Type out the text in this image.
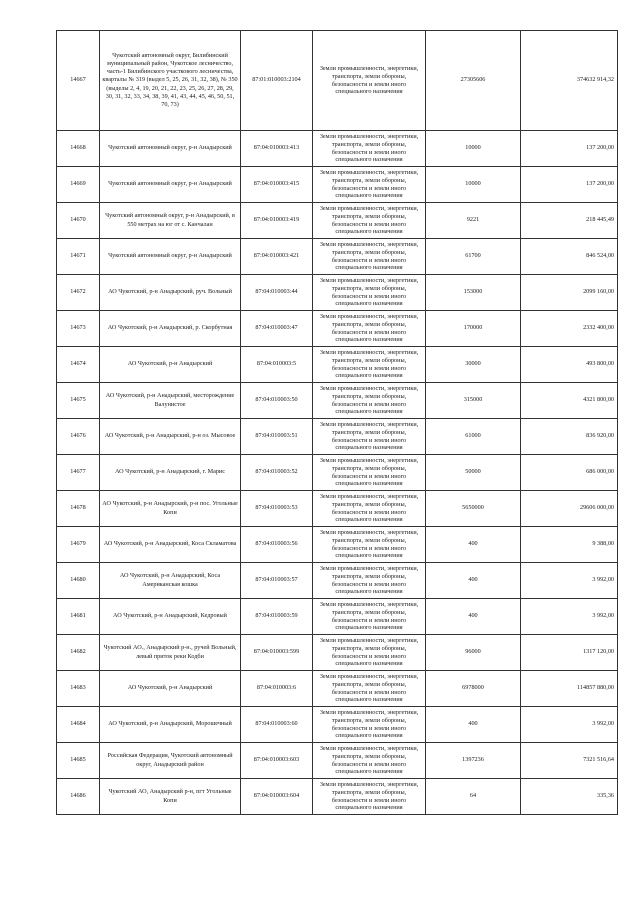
14667	Чукотский автономный округ, Билибинский муниципальный район, Чукотское лесничество, часть-1 Билибинского участкового лесничества, кварталы № 319 (выдел 5, 25, 26, 31, 32, 38), № 350 (выделы 2, 4, 19, 20, 21, 22, 23, 25, 26, 27, 28, 29, 30, 31, 32, 33, 34, 38, 39, 41, 43, 44, 45, 46, 50, 51, 70, 73)	87:01:010003:2104	Земли промышленности, энергетики, транспорта, земли обороны, безопасности и земли иного специального назначения	27305606	374632 914,32
14668	Чукотский автономный округ, р-н Анадырский	87:04:010003:413	Земли промышленности, энергетики, транспорта, земли обороны, безопасности и земли иного специального назначения	10000	137 200,00
14669	Чукотский автономный округ, р-н Анадырский	87:04:010003:415	Земли промышленности, энергетики, транспорта, земли обороны, безопасности и земли иного специального назначения	10000	137 200,00
14670	Чукотский автономный округ, р-н Анадырский, в 550 метрах на юг от с. Канчалан	87:04:010003:419	Земли промышленности, энергетики, транспорта, земли обороны, безопасности и земли иного специального назначения	9221	218 445,49
14671	Чукотский автономный округ, р-н Анадырский	87:04:010003:421	Земли промышленности, энергетики, транспорта, земли обороны, безопасности и земли иного специального назначения	61700	846 524,00
14672	АО Чукотский, р-н Анадырский, руч. Вольный	87:04:010003:44	Земли промышленности, энергетики, транспорта, земли обороны, безопасности и земли иного специального назначения	153000	2099 160,00
14673	АО Чукотский, р-н Анадырский, р. Скорбутная	87:04:010003:47	Земли промышленности, энергетики, транспорта, земли обороны, безопасности и земли иного специального назначения	170000	2332 400,00
14674	АО Чукотский, р-н Анадырский	87:04:010003:5	Земли промышленности, энергетики, транспорта, земли обороны, безопасности и земли иного специального назначения	30000	493 800,00
14675	АО Чукотский, р-н Анадырский, месторождение Валунистое	87:04:010003:50	Земли промышленности, энергетики, транспорта, земли обороны, безопасности и земли иного специального назначения	315000	4321 800,00
14676	АО Чукотский, р-н Анадырский, р-н оз. Мысовое	87:04:010003:51	Земли промышленности, энергетики, транспорта, земли обороны, безопасности и земли иного специального назначения	61000	836 920,00
14677	АО Чукотский, р-н Анадырский, г. Марис	87:04:010003:52	Земли промышленности, энергетики, транспорта, земли обороны, безопасности и земли иного специального назначения	50000	686 000,00
14678	АО Чукотский, р-н Анадырский, р-н пос. Угольные Копи	87:04:010003:53	Земли промышленности, энергетики, транспорта, земли обороны, безопасности и земли иного специального назначения	5650000	29606 000,00
14679	АО Чукотский, р-н Анадырский, Коса Скламатова	87:04:010003:56	Земли промышленности, энергетики, транспорта, земли обороны, безопасности и земли иного специального назначения	400	9 388,00
14680	АО Чукотский, р-н Анадырский, Коса Американская кошка	87:04:010003:57	Земли промышленности, энергетики, транспорта, земли обороны, безопасности и земли иного специального назначения	400	3 992,00
14681	АО Чукотский, р-н Анадырский, Кедровый	87:04:010003:59	Земли промышленности, энергетики, транспорта, земли обороны, безопасности и земли иного специального назначения	400	3 992,00
14682	Чукотский АО., Анадырский р-н., ручей Вольный, левый приток реки Кодби	87:04:010003:599	Земли промышленности, энергетики, транспорта, земли обороны, безопасности и земли иного специального назначения	96000	1317 120,00
14683	АО Чукотский, р-н Анадырский	87:04:010003:6	Земли промышленности, энергетики, транспорта, земли обороны, безопасности и земли иного специального назначения	6978000	114857 880,00
14684	АО Чукотский, р-н Анадырский, Морошечный	87:04:010003:60	Земли промышленности, энергетики, транспорта, земли обороны, безопасности и земли иного специального назначения	400	3 992,00
14685	Российская Федерация, Чукотский автономный округ, Анадырский район	87:04:010003:603	Земли промышленности, энергетики, транспорта, земли обороны, безопасности и земли иного специального назначения	1397236	7321 516,64
14686	Чукотский АО, Анадырский р-н, пгт Угольные Копи	87:04:010003:604	Земли промышленности, энергетики, транспорта, земли обороны, безопасности и земли иного специального назначения	64	335,36
